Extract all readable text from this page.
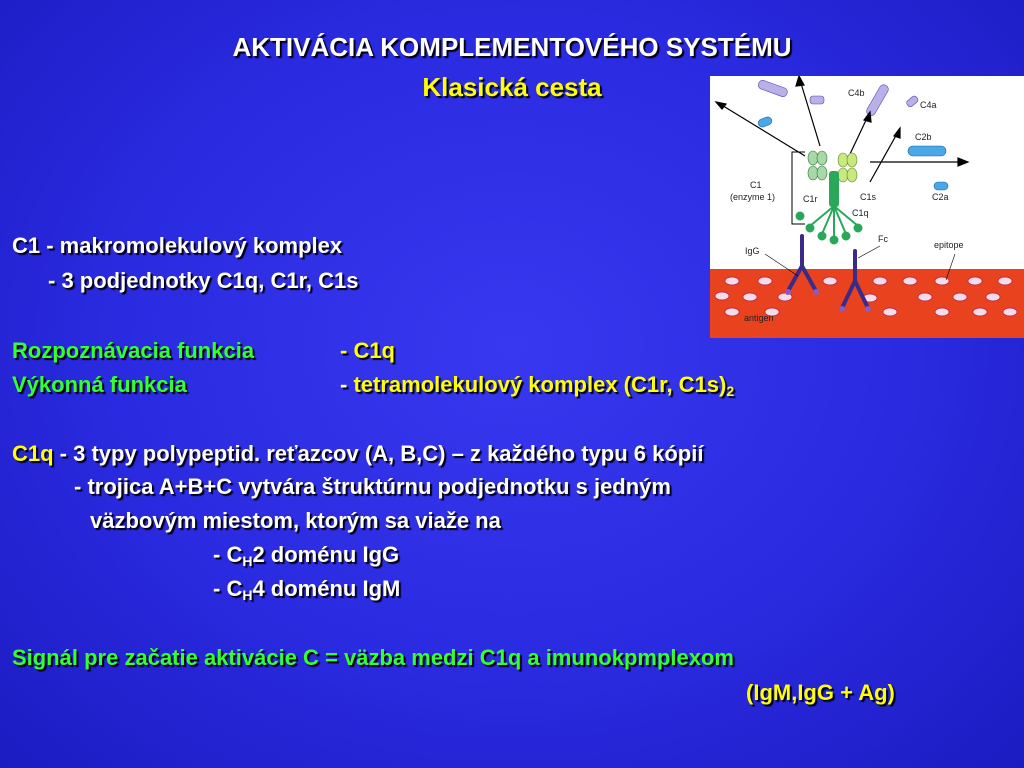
AKTIVÁCIA KOMPLEMENTOVÉHO SYSTÉMU
Klasická cesta
C1 - makromolekulový komplex
- 3 podjednotky C1q, C1r, C1s
Rozpoznávacia funkcia	- C1q
Výkonná funkcia	- tetramolekulový komplex (C1r, $C1s)_2$
C1q - 3 typy polypeptid. reťazcov (A, B,C) – z každého typu 6 kópií
- trojica A+B+C vytvára štruktúrnu podjednotku s jedným
väzbovým miestom, ktorým sa viaže na
- $C_H2$ doménu IgG
- $C_H4$ doménu IgM
Signál pre začatie aktivácie C = väzba medzi C1q a imunokpmplexom
(IgM,IgG + Ag)
antigen
C4b
C4a
C2b
C2a
C1
(enzyme 1)	C1r	C1s
C1q
IgG
Fc
epitope
